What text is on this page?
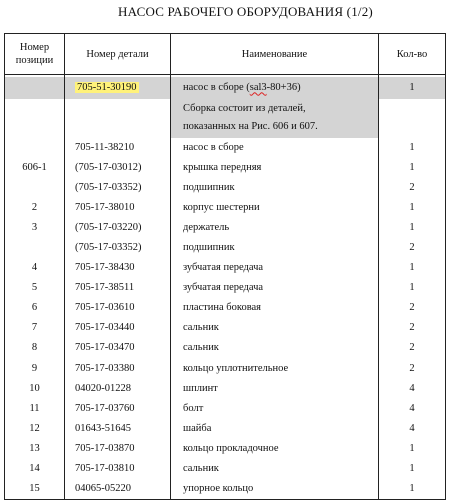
НАСОС РАБОЧЕГО ОБОРУДОВАНИЯ (1/2)
Номер позиции	Номер детали	Наименование	Кол-во

	705-51-30190	насос в сборе (sal3-80+36)	1

		Сборка состоит из деталей,
показанных на Рис. 606 и 607.	

	705-11-38210	насос в сборе	1
606-1	(705-17-03012)	крышка передняя	1
	(705-17-03352)	подшипник	2
2	705-17-38010	корпус шестерни	1
3	(705-17-03220)	держатель	1
	(705-17-03352)	подшипник	2
4	705-17-38430	зубчатая передача	1
5	705-17-38511	зубчатая передача	1
6	705-17-03610	пластина боковая	2
7	705-17-03440	сальник	2
8	705-17-03470	сальник	2
9	705-17-03380	кольцо уплотнительное	2
10	04020-01228	шплинт	4
11	705-17-03760	болт	4
12	01643-51645	шайба	4
13	705-17-03870	кольцо прокладочное	1
14	705-17-03810	сальник	1
15	04065-05220	упорное кольцо	1
